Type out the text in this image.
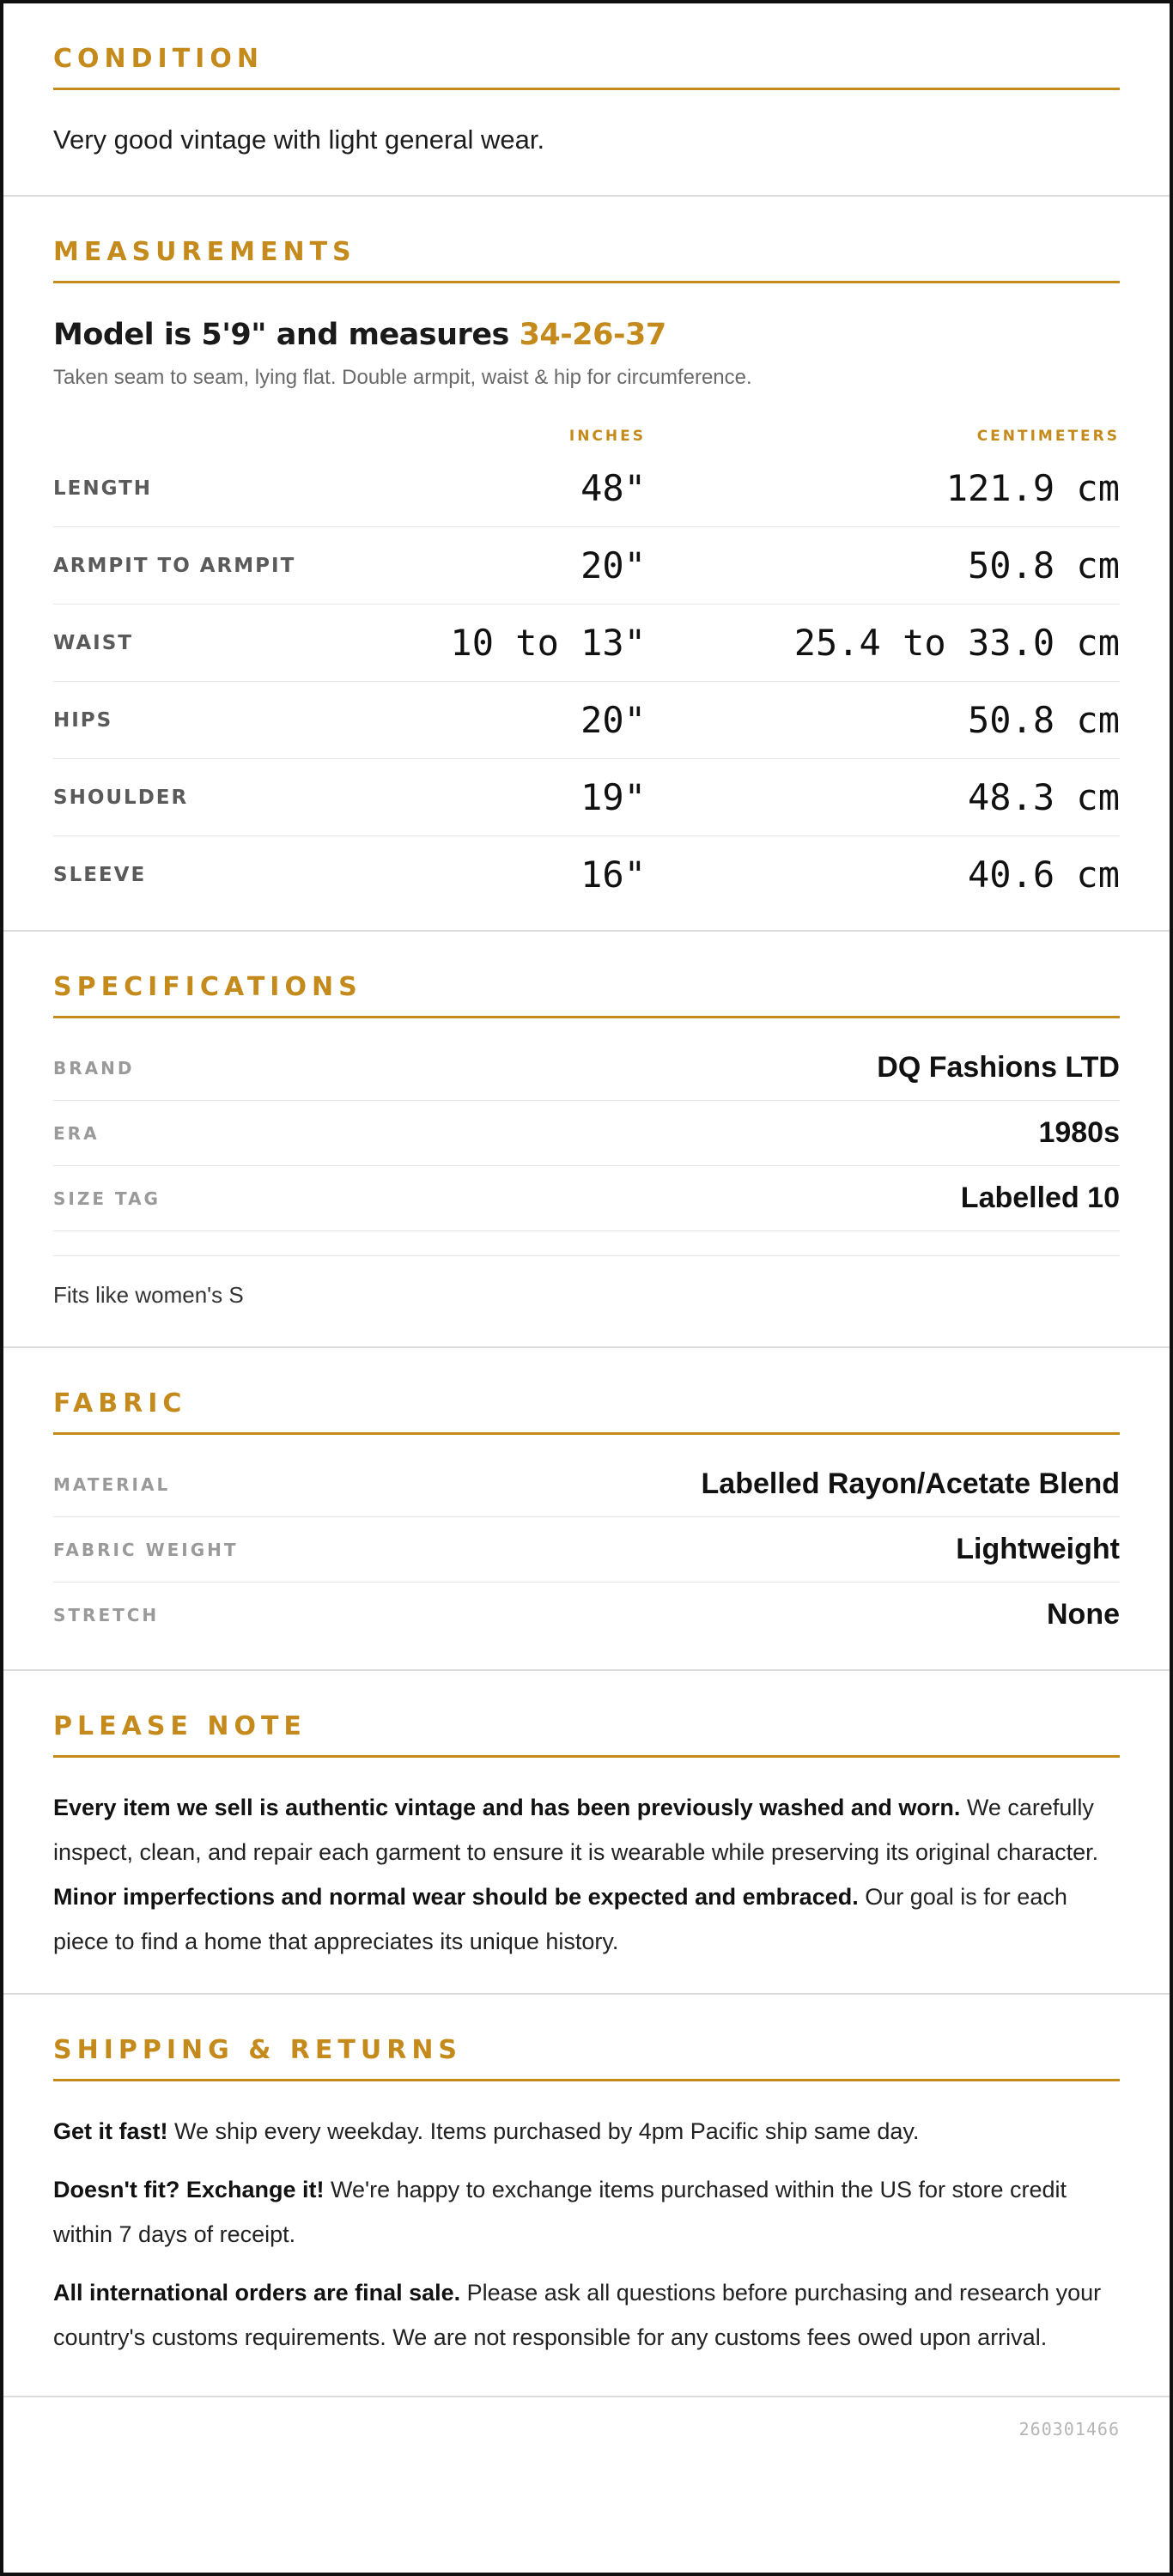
CONDITION
Very good vintage with light general wear.
MEASUREMENTS
Model is 5'9" and measures 34-26-37
Taken seam to seam, lying flat. Double armpit, waist & hip for circumference.
INCHES	CENTIMETERS
LENGTH	48"	121.9 cm
ARMPIT TO ARMPIT	20"	50.8 cm
WAIST	10 to 13"	25.4 to 33.0 cm
HIPS	20"	50.8 cm
SHOULDER	19"	48.3 cm
SLEEVE	16"	40.6 cm
SPECIFICATIONS
BRAND	DQ Fashions LTD
ERA	1980s
SIZE TAG	Labelled 10
Fits like women's S
FABRIC
MATERIAL	Labelled Rayon/Acetate Blend
FABRIC WEIGHT	Lightweight
STRETCH	None
PLEASE NOTE
Every item we sell is authentic vintage and has been previously washed and worn. We carefully inspect, clean, and repair each garment to ensure it is wearable while preserving its original character. Minor imperfections and normal wear should be expected and embraced. Our goal is for each piece to find a home that appreciates its unique history.
SHIPPING & RETURNS
Get it fast! We ship every weekday. Items purchased by 4pm Pacific ship same day.
Doesn't fit? Exchange it! We're happy to exchange items purchased within the US for store credit within 7 days of receipt.
All international orders are final sale. Please ask all questions before purchasing and research your country's customs requirements. We are not responsible for any customs fees owed upon arrival.
260301466
